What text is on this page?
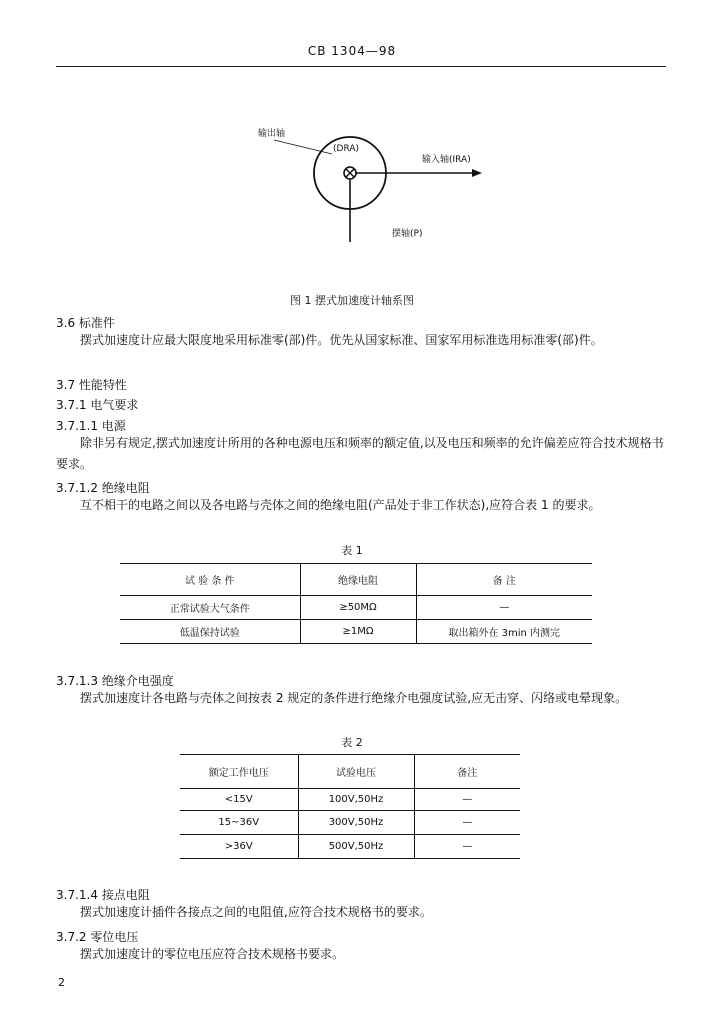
CB 1304—98
输出轴
(DRA)
输入轴(IRA)
摆轴(P)
图 1 摆式加速度计轴系图
3.6 标准件
摆式加速度计应最大限度地采用标准零(部)件。优先从国家标准、国家军用标准选用标准零(部)件。
3.7 性能特性
3.7.1 电气要求
3.7.1.1 电源
除非另有规定,摆式加速度计所用的各种电源电压和频率的额定值,以及电压和频率的允许偏差应符合技术规格书要求。
3.7.1.2 绝缘电阻
互不相干的电路之间以及各电路与壳体之间的绝缘电阻(产品处于非工作状态),应符合表 1 的要求。
表 1
试 验 条 件	绝缘电阻	备 注
正常试验大气条件	≥50MΩ	—
低温保持试验	≥1MΩ	取出箱外在 3min 内测完
3.7.1.3 绝缘介电强度
摆式加速度计各电路与壳体之间按表 2 规定的条件进行绝缘介电强度试验,应无击穿、闪络或电晕现象。
表 2
额定工作电压	试验电压	备注
<15V	100V,50Hz	—
15~36V	300V,50Hz	—
>36V	500V,50Hz	—
3.7.1.4 接点电阻
摆式加速度计插件各接点之间的电阻值,应符合技术规格书的要求。
3.7.2 零位电压
摆式加速度计的零位电压应符合技术规格书要求。
2
